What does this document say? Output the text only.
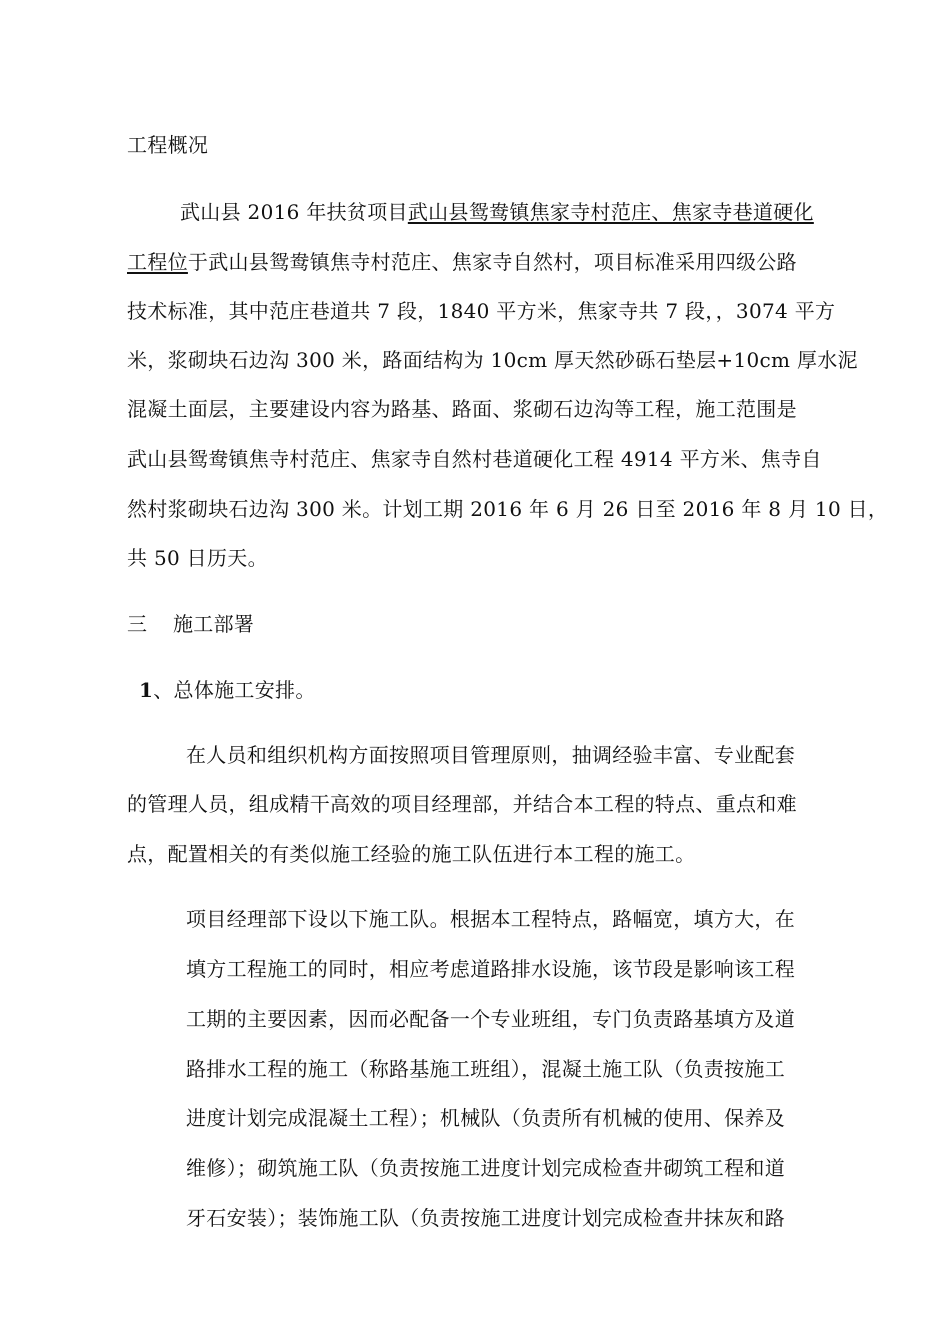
工程概况
武山县 2016 年扶贫项目武山县鸳鸯镇焦家寺村范庄、焦家寺巷道硬化
工程位于武山县鸳鸯镇焦寺村范庄、焦家寺自然村，项目标准采用四级公路
技术标准，其中范庄巷道共 7 段，1840 平方米，焦家寺共 7 段，，3074 平方
米，浆砌块石边沟 300 米，路面结构为 10cm 厚天然砂砾石垫层+10cm 厚水泥
混凝土面层，主要建设内容为路基、路面、浆砌石边沟等工程，施工范围是
武山县鸳鸯镇焦寺村范庄、焦家寺自然村巷道硬化工程 4914 平方米、焦寺自
然村浆砌块石边沟 300 米。计划工期 2016 年 6 月 26 日至 2016 年 8 月 10 日，
共 50 日历天。
三 施工部署
1、总体施工安排。
在人员和组织机构方面按照项目管理原则，抽调经验丰富、专业配套
的管理人员，组成精干高效的项目经理部，并结合本工程的特点、重点和难
点，配置相关的有类似施工经验的施工队伍进行本工程的施工。
项目经理部下设以下施工队。根据本工程特点，路幅宽，填方大，在
填方工程施工的同时，相应考虑道路排水设施，该节段是影响该工程
工期的主要因素，因而必配备一个专业班组，专门负责路基填方及道
路排水工程的施工（称路基施工班组），混凝土施工队（负责按施工
进度计划完成混凝土工程）；机械队（负责所有机械的使用、保养及
维修）；砌筑施工队（负责按施工进度计划完成检查井砌筑工程和道
牙石安装）；装饰施工队（负责按施工进度计划完成检查井抹灰和路
